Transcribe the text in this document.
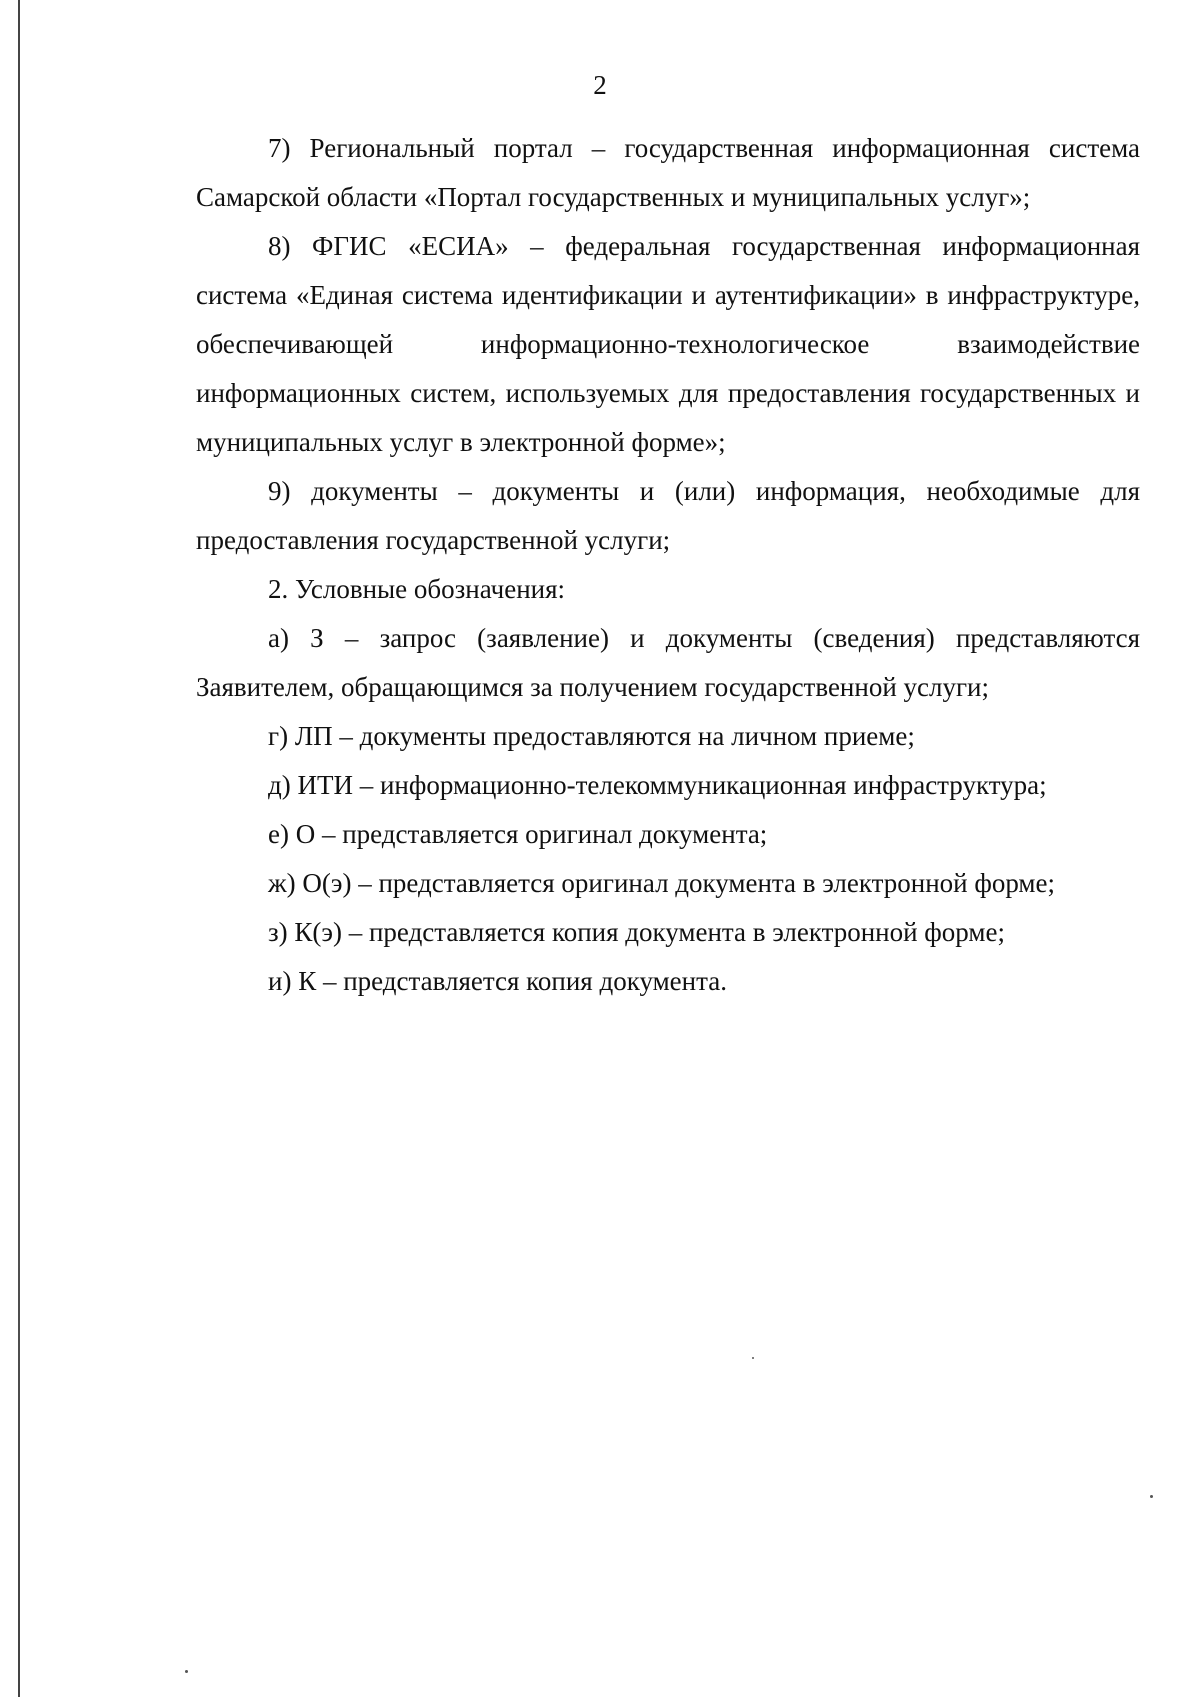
2

7) Региональный портал – государственная информационная система Самарской области «Портал государственных и муниципальных услуг»;

8) ФГИС «ЕСИА» – федеральная государственная информационная система «Единая система идентификации и аутентификации» в инфраструктуре, обеспечивающей информационно-технологическое взаимодействие информационных систем, используемых для предоставления государственных и муниципальных услуг в электронной форме»;

9) документы – документы и (или) информация, необходимые для предоставления государственной услуги;

2. Условные обозначения:

а) З – запрос (заявление) и документы (сведения) представляются Заявителем, обращающимся за получением государственной услуги;

г) ЛП – документы предоставляются на личном приеме;

д) ИТИ – информационно-телекоммуникационная инфраструктура;

е) О – представляется оригинал документа;

ж) О(э) – представляется оригинал документа в электронной форме;

з) К(э) – представляется копия документа в электронной форме;

и) К – представляется копия документа.
